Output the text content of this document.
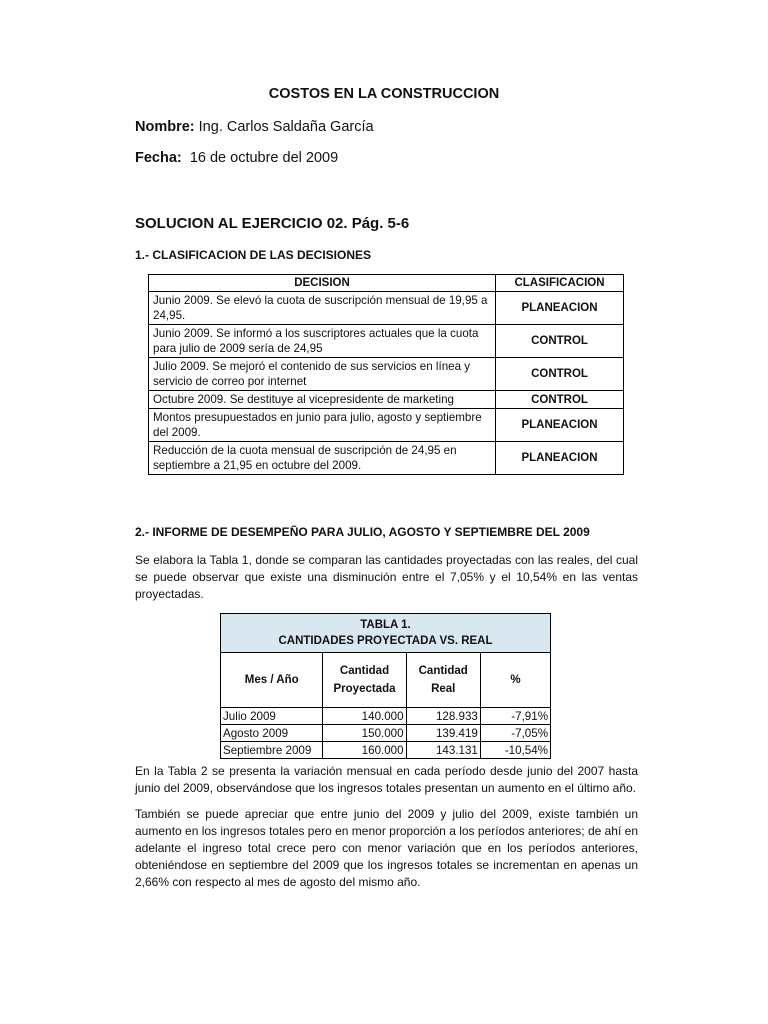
COSTOS EN LA CONSTRUCCION
Nombre: Ing. Carlos Saldaña García
Fecha: 16 de octubre del 2009
SOLUCION AL EJERCICIO 02. Pág. 5-6
1.- CLASIFICACION DE LAS DECISIONES
DECISION	CLASIFICACION
Junio 2009. Se elevó la cuota de suscripción mensual de 19,95 a 24,95.	PLANEACION
Junio 2009. Se informó a los suscriptores actuales que la cuota para julio de 2009 sería de 24,95	CONTROL
Julio 2009. Se mejoró el contenido de sus servicios en línea y servicio de correo por internet	CONTROL
Octubre 2009. Se destituye al vicepresidente de marketing	CONTROL
Montos presupuestados en junio para julio, agosto y septiembre del 2009.	PLANEACION
Reducción de la cuota mensual de suscripción de 24,95 en septiembre a 21,95 en octubre del 2009.	PLANEACION
2.- INFORME DE DESEMPEÑO PARA JULIO, AGOSTO Y SEPTIEMBRE DEL 2009
Se elabora la Tabla 1, donde se comparan las cantidades proyectadas con las reales, del cual se puede observar que existe una disminución entre el 7,05% y el 10,54% en las ventas proyectadas.
TABLA 1.
CANTIDADES PROYECTADA VS. REAL			

Mes / Año	Cantidad Proyectada	Cantidad Real	%
Julio 2009	140.000	128.933	-7,91%
Agosto 2009	150.000	139.419	-7,05%
Septiembre 2009	160.000	143.131	-10,54%
En la Tabla 2 se presenta la variación mensual en cada período desde junio del 2007 hasta junio del 2009, observándose que los ingresos totales presentan un aumento en el último año.
También se puede apreciar que entre junio del 2009 y julio del 2009, existe también un aumento en los ingresos totales pero en menor proporción a los períodos anteriores; de ahí en adelante el ingreso total crece pero con menor variación que en los períodos anteriores, obteniéndose en septiembre del 2009 que los ingresos totales se incrementan en apenas un 2,66% con respecto al mes de agosto del mismo año.
